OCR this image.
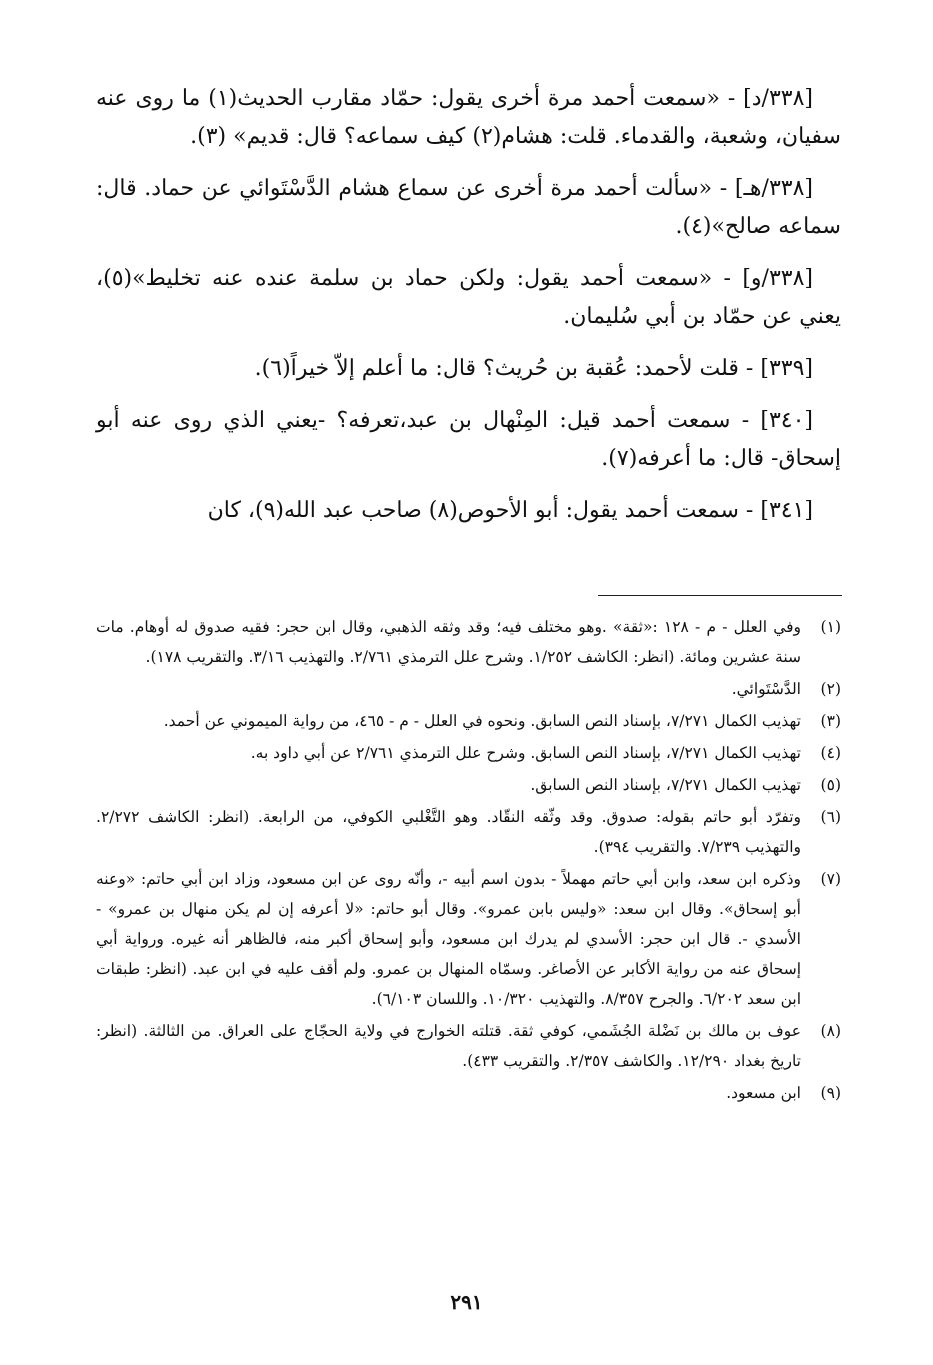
[٣٣٨/د] - «سمعت أحمد مرة أخرى يقول: حمّاد مقارب الحديث(١) ما روى عنه سفيان، وشعبة، والقدماء. قلت: هشام(٢) كيف سماعه؟ قال: قديم» (٣).

[٣٣٨/هـ] - «سألت أحمد مرة أخرى عن سماع هشام الدَّسْتَوائي عن حماد. قال: سماعه صالح»(٤).

[٣٣٨/و] - «سمعت أحمد يقول: ولكن حماد بن سلمة عنده عنه تخليط»(٥)، يعني عن حمّاد بن أبي سُليمان.

[٣٣٩] - قلت لأحمد: عُقبة بن حُريث؟ قال: ما أعلم إلاّ خيراً(٦).

[٣٤٠] - سمعت أحمد قيل: المِنْهال بن عبد،تعرفه؟ -يعني الذي روى عنه أبو إسحاق- قال: ما أعرفه(٧).

[٣٤١] - سمعت أحمد يقول: أبو الأحوص(٨) صاحب عبد الله(٩)، كان

(١)
وفي العلل - م - ١٢٨ :«ثقة» .وهو مختلف فيه؛ وقد وثقه الذهبي، وقال ابن حجر: فقيه صدوق له أوهام. مات سنة عشرين ومائة. (انظر: الكاشف ١/٢٥٢. وشرح علل الترمذي ٢/٧٦١. والتهذيب ٣/١٦. والتقريب ١٧٨).
(٢)
الدَّسْتَوائي.
(٣)
تهذيب الكمال ٧/٢٧١، بإسناد النص السابق. ونحوه في العلل - م - ٤٦٥، من رواية الميموني عن أحمد.
(٤)
تهذيب الكمال ٧/٢٧١، بإسناد النص السابق. وشرح علل الترمذي ٢/٧٦١ عن أبي داود به.
(٥)
تهذيب الكمال ٧/٢٧١، بإسناد النص السابق.
(٦)
وتفرّد أبو حاتم بقوله: صدوق. وقد وثّقه النقّاد. وهو التَّغْلبي الكوفي، من الرابعة. (انظر: الكاشف ٢/٢٧٢. والتهذيب ٧/٢٣٩. والتقريب ٣٩٤).
(٧)
وذكره ابن سعد، وابن أبي حاتم مهملاً - بدون اسم أبيه -، وأنّه روى عن ابن مسعود، وزاد ابن أبي حاتم: «وعنه أبو إسحاق». وقال ابن سعد: «وليس بابن عمرو». وقال أبو حاتم: «لا أعرفه إن لم يكن منهال بن عمرو» - الأسدي -. قال ابن حجر: الأسدي لم يدرك ابن مسعود، وأبو إسحاق أكبر منه، فالظاهر أنه غيره. ورواية أبي إسحاق عنه من رواية الأكابر عن الأصاغر. وسمّاه المنهال بن عمرو. ولم أقف عليه في ابن عبد. (انظر: طبقات ابن سعد ٦/٢٠٢. والجرح ٨/٣٥٧. والتهذيب ١٠/٣٢٠. واللسان ٦/١٠٣).
(٨)
عوف بن مالك بن نَضْلة الجُشَمي، كوفي ثقة. قتلته الخوارج في ولاية الحجّاج على العراق. من الثالثة. (انظر: تاريخ بغداد ١٢/٢٩٠. والكاشف ٢/٣٥٧. والتقريب ٤٣٣).
(٩)
ابن مسعود.
٢٩١
